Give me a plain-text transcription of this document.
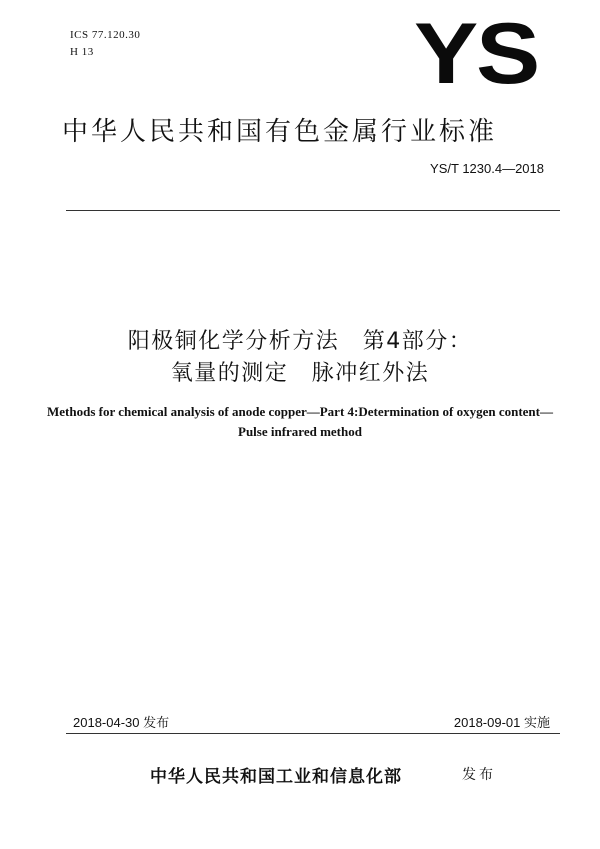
ICS 77.120.30
H 13	YS
中华人民共和国有色金属行业标准
YS/T 1230.4—2018
阳极铜化学分析方法　第4部分：
氧量的测定　脉冲红外法
Methods for chemical analysis of anode copper—Part 4:Determination of oxygen content—Pulse infrared method
2018-04-30 发布	2018-09-01 实施
中华人民共和国工业和信息化部	发布
